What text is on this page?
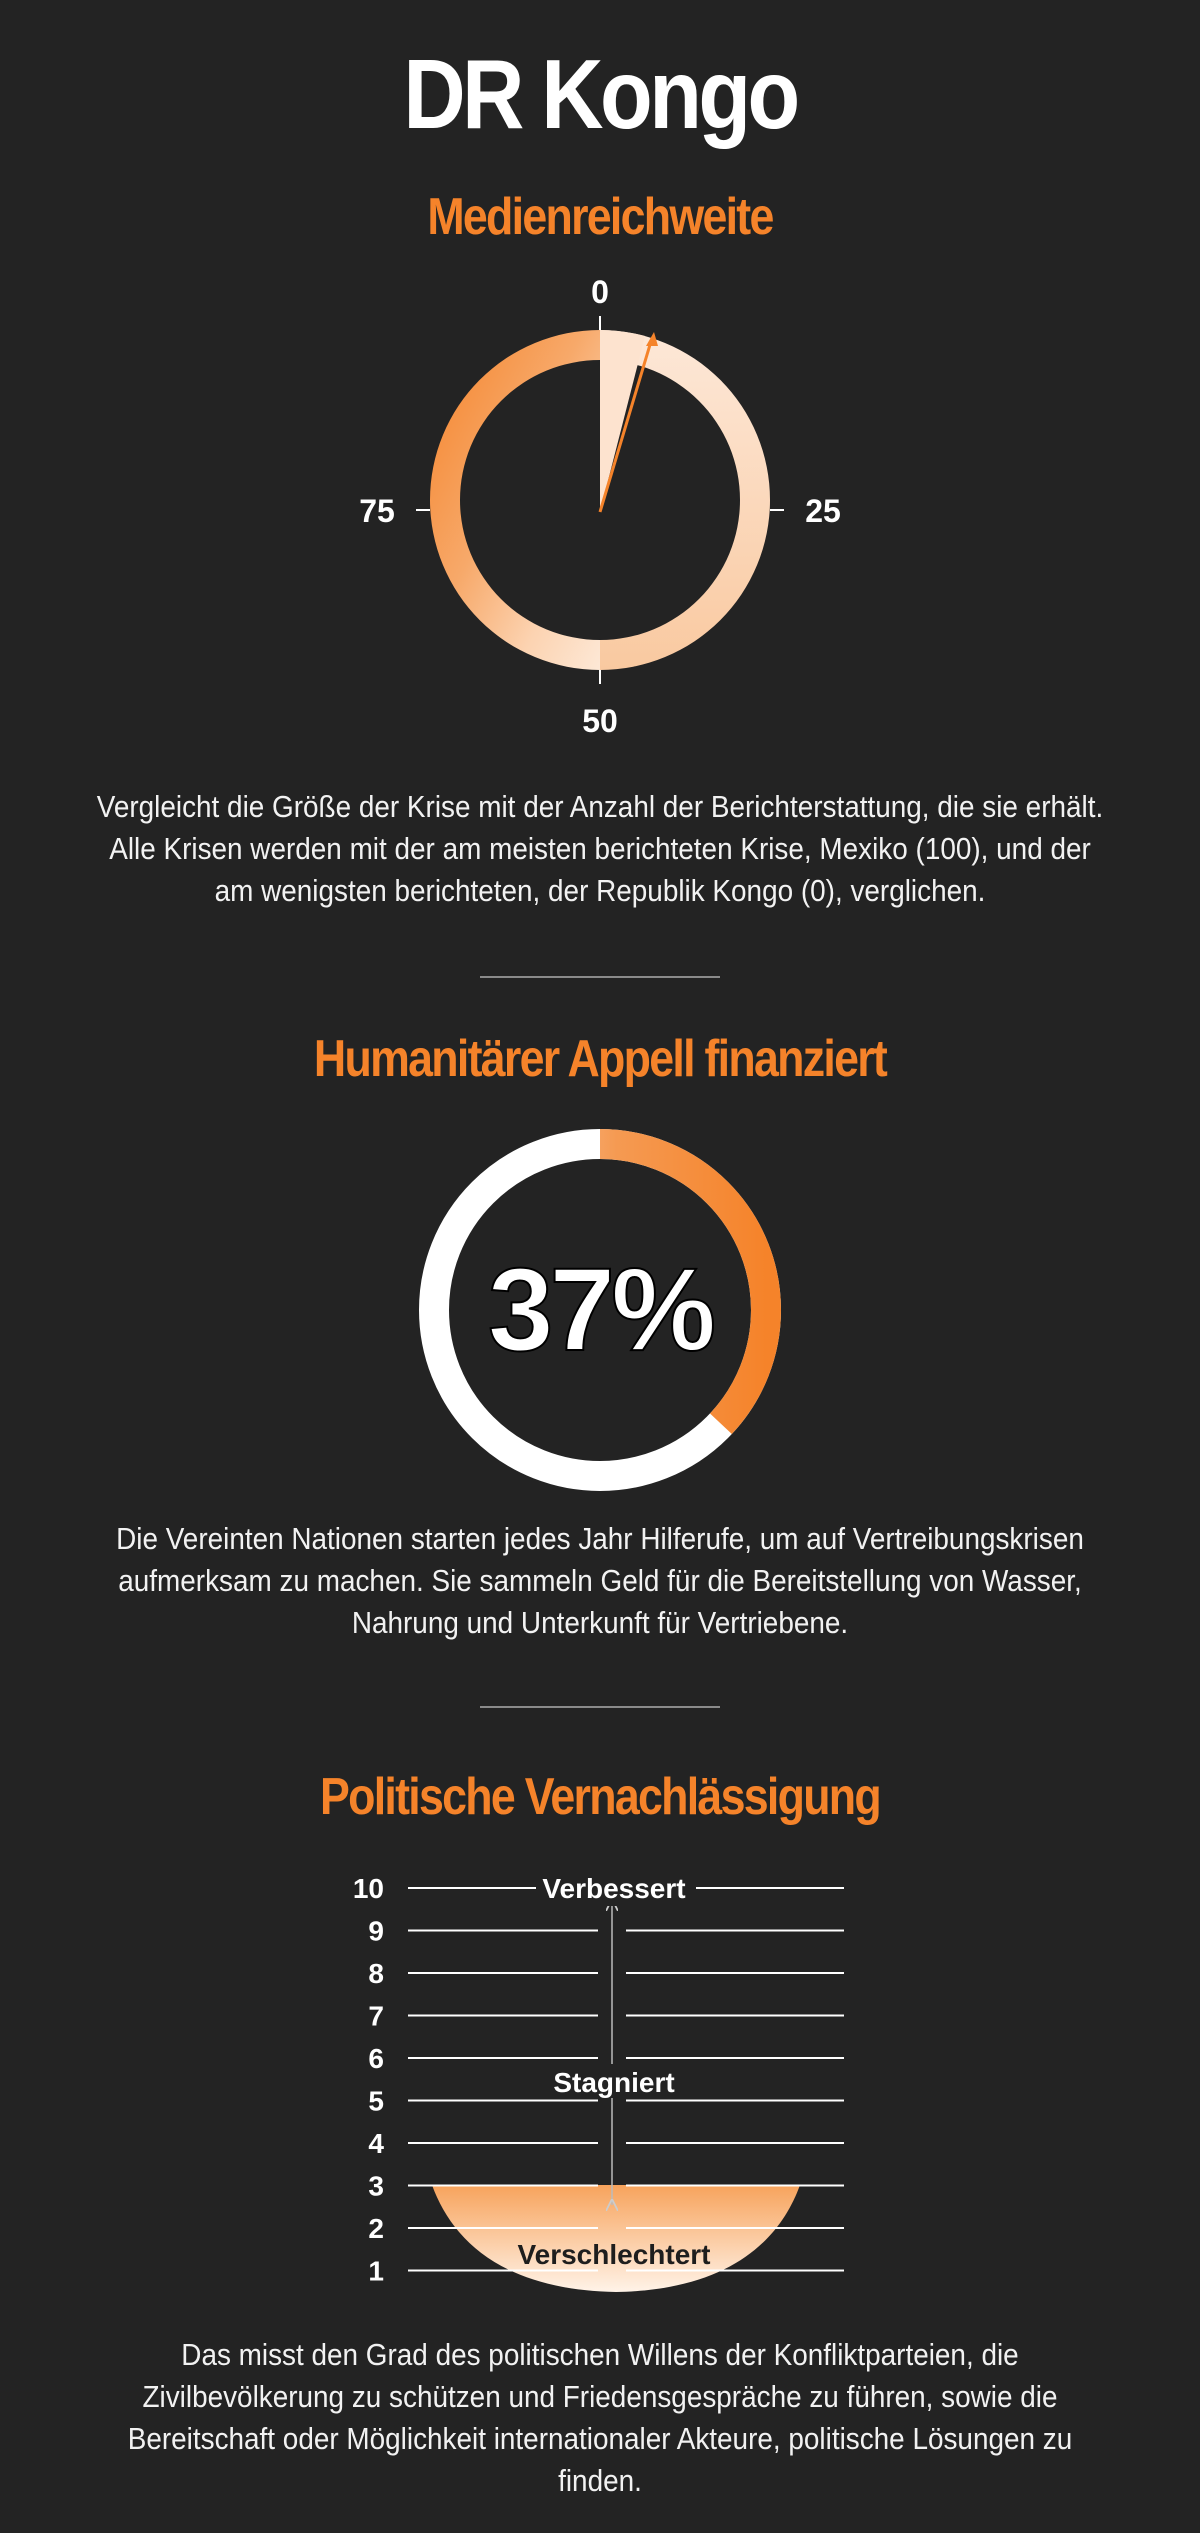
DR Kongo
Medienreichweite
0
25
50
75
Vergleicht die Größe der Krise mit der Anzahl der Berichterstattung, die sie erhält. Alle Krisen werden mit der am meisten berichteten Krise, Mexiko (100), und der am wenigsten berichteten, der Republik Kongo (0), verglichen.
Humanitärer Appell finanziert
37%
Die Vereinten Nationen starten jedes Jahr Hilferufe, um auf Vertreibungskrisen aufmerksam zu machen. Sie sammeln Geld für die Bereitstellung von Wasser, Nahrung und Unterkunft für Vertriebene.
Politische Vernachlässigung
10
9
8
7
6
5
4
3
2
1
Verbessert
Stagniert
Verschlechtert
Das misst den Grad des politischen Willens der Konfliktparteien, die Zivilbevölkerung zu schützen und Friedensgespräche zu führen, sowie die Bereitschaft oder Möglichkeit internationaler Akteure, politische Lösungen zu finden.
